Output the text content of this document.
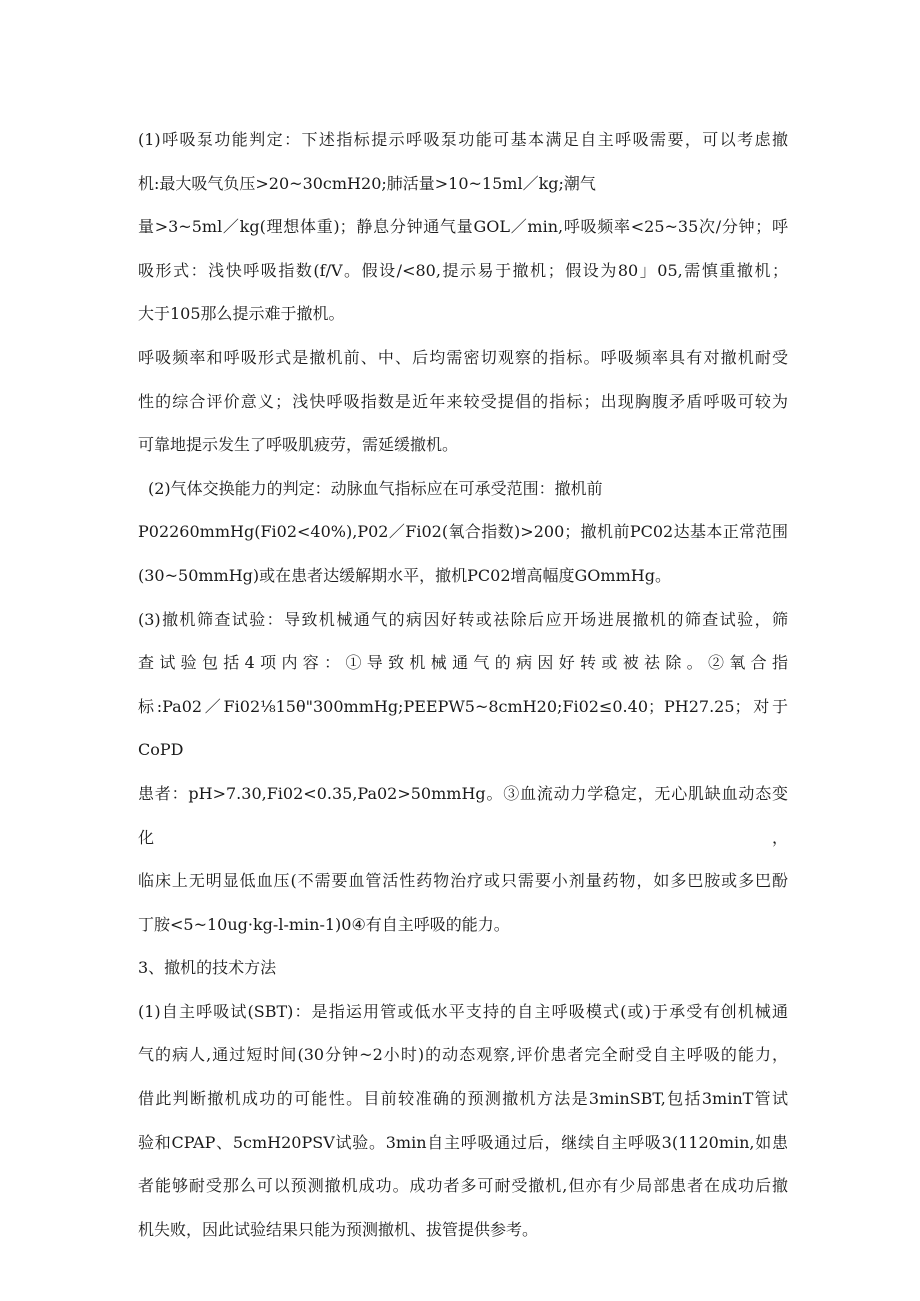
(1)呼吸泵功能判定：下述指标提示呼吸泵功能可基本满足自主呼吸需要，可以考虑撤
机:最大吸气负压>20~30cmH20;肺活量>10~15ml／kg;潮气
量>3~5ml／kg(理想体重)；静息分钟通气量GOL／min,呼吸频率<25~35次/分钟；呼
吸形式：浅快呼吸指数(f/V。假设/<80,提示易于撤机；假设为80」05,需慎重撤机；
大于105那么提示难于撤机。
呼吸频率和呼吸形式是撤机前、中、后均需密切观察的指标。呼吸频率具有对撤机耐受
性的综合评价意义；浅快呼吸指数是近年来较受提倡的指标；出现胸腹矛盾呼吸可较为
可靠地提示发生了呼吸肌疲劳，需延缓撤机。
(2)气体交换能力的判定：动脉血气指标应在可承受范围：撤机前
P02260mmHg(Fi02<40%),P02／Fi02(氧合指数)>200；撤机前PC02达基本正常范围
(30~50mmHg)或在患者达缓解期水平，撤机PC02增高幅度GOmmHg。
(3)撤机筛查试验：导致机械通气的病因好转或祛除后应开场进展撤机的筛查试验，筛
查试验包括4项内容：①导致机械通气的病因好转或被祛除。②氧合指
标:Pa02／Fi02⅛15θ"300mmHg;PEEPW5~8cmH20;Fi02≤0.40；PH27.25；对于CoPD
患者：pH>7.30,Fi02<0.35,Pa02>50mmHg。③血流动力学稳定，无心肌缺血动态变化，
临床上无明显低血压(不需要血管活性药物治疗或只需要小剂量药物，如多巴胺或多巴酚
丁胺<5~10ug·kg-l-min-1)0④有自主呼吸的能力。
3、撤机的技术方法
(1)自主呼吸试(SBT)：是指运用管或低水平支持的自主呼吸模式(或)于承受有创机械通
气的病人,通过短时间(30分钟~2小时)的动态观察,评价患者完全耐受自主呼吸的能力，
借此判断撤机成功的可能性。目前较准确的预测撤机方法是3minSBT,包括3minT管试
验和CPAP、5cmH20PSV试验。3min自主呼吸通过后，继续自主呼吸3(1120min,如患
者能够耐受那么可以预测撤机成功。成功者多可耐受撤机,但亦有少局部患者在成功后撤
机失败，因此试验结果只能为预测撤机、拔管提供参考。
